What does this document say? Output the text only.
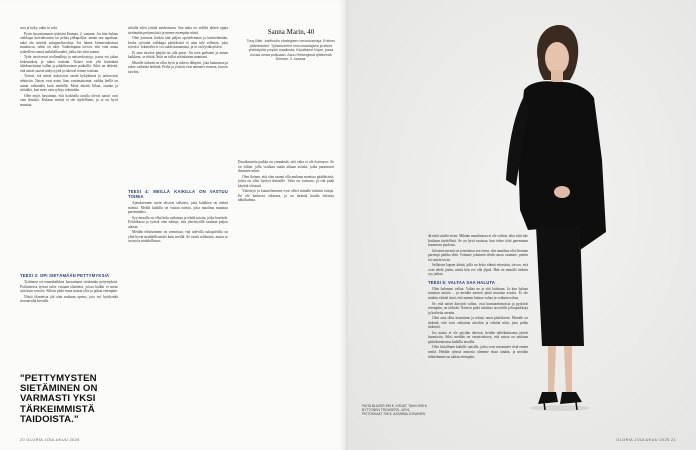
sota ja kyky, onko se soki.

Pyrin kasvattamaan tytärtäni Emmaa, 2, samaan. Jos hän haluaa vaikkapa kaivinkoneen tai pelata jalkapalloa, annan sen tapahtua, enkä ala miettiä sukupuolirooleja. Jos hänen kiinnostuksensa muuttuvat, sekin on okei. Vanhempana toivon, että voin antaa tytärelleni samat mahdollisuudet, jotka itse olen saanut.

Tytöt tarvitsevat roolimalleja ja naisverkostoja, joissa voi jakaa kokemuksia ja tukea toisiaan. Naiset ovat yhä kuitenkin aliedustettuina vallan ja päätöksenteon paikoilla. Siksi on tärkeää, että naiset saavat näkyvyyttä ja tukevat toinen toisiaan.

Toivon, etä naiset uskoisivat omiin kykyihinsä ja tarttuisivat tehtäviin. Naiset ovat usein liian vaatimattomia, vaikka heillä on samat valmiudet kuin miehillä. Moni miettii liikaa, osaako ja riittääkö, kun mies vain ryhtyy tekemään.

Olen myös havainnut, että korkealla tasolla olevat naiset ovat vain ihmisiä. Kukaan meistä ei ole täydellinen, ja se on hyvä muistaa.

TEESI 3: OPI SIETÄMÄÄN PETTYMYKSIÄ

Tyttöinen on ennenkaikkea kasvattanut sietämään pettymyksiä. Poliittisessa työssä tulee vastaan tilanteita, joissa kaikki ei mene niin kuin toivoisi. Silloin pitää osata nousta ylös ja jatkaa eteenpäin.

Niistä tilanteista jää aina mukaan opetus, jota voi hyödyntää seuraavalla kerralla.

"PETTYMYSTEN SIETÄMINEN ON VARMASTI YKSI TÄRKEIMMISTÄ TAIDOISTA."

sokalla eden yrittää medesetaan. Sen takia on tedella tärkeä oppia sietämään pettymyksiä ja menee eteenpäin niistä.

Olen joutunut itsekin tätä paljon opettelemaan ja käsittelemään, koska työssäni vaikkapa päätöksistä ei aina tule sellaisia, joita toivoisi. Jokaiselta ei voi saada kannatusta, ja se on hyväksyttävä.

Ei aina tarvitse pärjätä tai olla paras. Jos teen parhaani ja annan kaikkeni, se riittää. Siitä on tullut eräänlainen mantrani.

Minulle tärkeää on ollut hyvä ja tukeva lähipiiri, joka kannustaa ja tukee vaikeina hetkinä. Perhe ja ystävät ovat antaneet voimaa, kun on tarvittu.

TEESI 4: MEILLÄ KAIKILLA ON VASTUU TOIMIA

Ajatuksemme usein olisivat sellaisia, joita kaikkien on tärkeä miettiä. Meillä kaikilla on vastuu toimia, jotta maailma muuttuu paremmaksi.

Syy minulla on ollut halu vaikuttaa ja tehdä asioita, jotka kestävät. Politiikassa ja työssä olen nähnyt, että yhteistyöllä saadaan paljon aikaan.

Meidän tehtävämme on varmistaa, että tulevilla sukupolvilla on yhtä hyvät mahdollisuudet kuin meillä. Se vaatii rohkeutta, mutta se on myös mahdollisuus.

Sanna Marin, 40
Tony Blair -instituutin strategisen neuvonantaja. Entinen pääministeri. Työskentelee neuvonantajana ja tekee yhteistyötä ympäri maailmaa. Kirjoittanut kirjan, jossa kuvaa omaa polkuaan. Asuu Helsingissä tyttärensä Emman, 2, kanssa.

Etuoikeutettu paikka on ymmärtää, että valta ei ole itseisarvo. Se on väline, jolla voidaan saada aikaan asioita, jotka parantavat ihmisten arkea.

Olen iloinen, että olen saanut olla mukana monissa päätöksissä, joista on ollut hyötyä ihmisille. Valta on vastuuta, ja sitä pitää käyttää viisaasti.

Yhteistyö ja kuunteleminen ovat olleet minulle tärkeitä taitoja. En ole kaikessa oikeassa, ja on tärkeää kuulla erilaisia näkökulmia.

20 GLORIA JOULUKUU 2025

dä niitä sisältö eteen. Mikään maailmassa ei ole valmis, eikä siitä tule koskaan täydellistä. Se on hyvä muistaa, kun tekee töitä paremman huomisen puolesta.

Jokaisen meistä on toimittava sen eteen, että maailma olisi hieman parempi paikka elää. Voimme jokainen tehdä oman osamme, pienin tai suurin teoin.

Sellaisen lapsen äitinä, jolla on koko elämä edessään, toivon, että voin tehdä jotain, mistä hän voi olla ylpeä. Hän on minulle tärkein syy jatkaa.

TEESI 5: VALTAA SAA HALUTA

Olen halunnut valtaa. Valtaa ne ja sitä halutaan. Ja kun haluaa muuttaa asioita – ja meidän naisten pitää muuttaa asioita. Ei ole mitään väärää siinä, että nainen haluaa valtaa ja vaikutusvaltaa.

Se, että naiset kärsivät vallan, ovat kunnianhimoisia ja pyrkivät eteenpäin, on tärkeää. Naisten pitää uskaltaa tavoitella johtopaikkoja ja korkeita asemia.

Olen aina ollut itsenäinen ja tehnyt omat päätökseni. Minulle on tärkeää, että voin vaikuttaa asioihin ja edistää niitä, joita pidän tärkeinä.

Jos naisia ei ole pöydän ääressä, heidän näkökulmansa jäävät huomiotta. Siksi meidän on varmistettava, että naisia on mukana päätöksenteossa kaikilla tasoilla.

Olen kiitollinen kaikille naisille, jotka ovat raivanneet tietä ennen meitä. Heidän työnsä ansiosta olemme tässä tänään, ja meidän tehtävämme on jatkaa eteenpäin.

PAITA BLAZER 499 €, KIRJAT, TAKKI 695 €, BYTTONEN TROUSERS, 420 €, PISTOKKAAT 795 €, AZARIMA JOKAINEN
GLORIA JOULUKUU 2025 21
